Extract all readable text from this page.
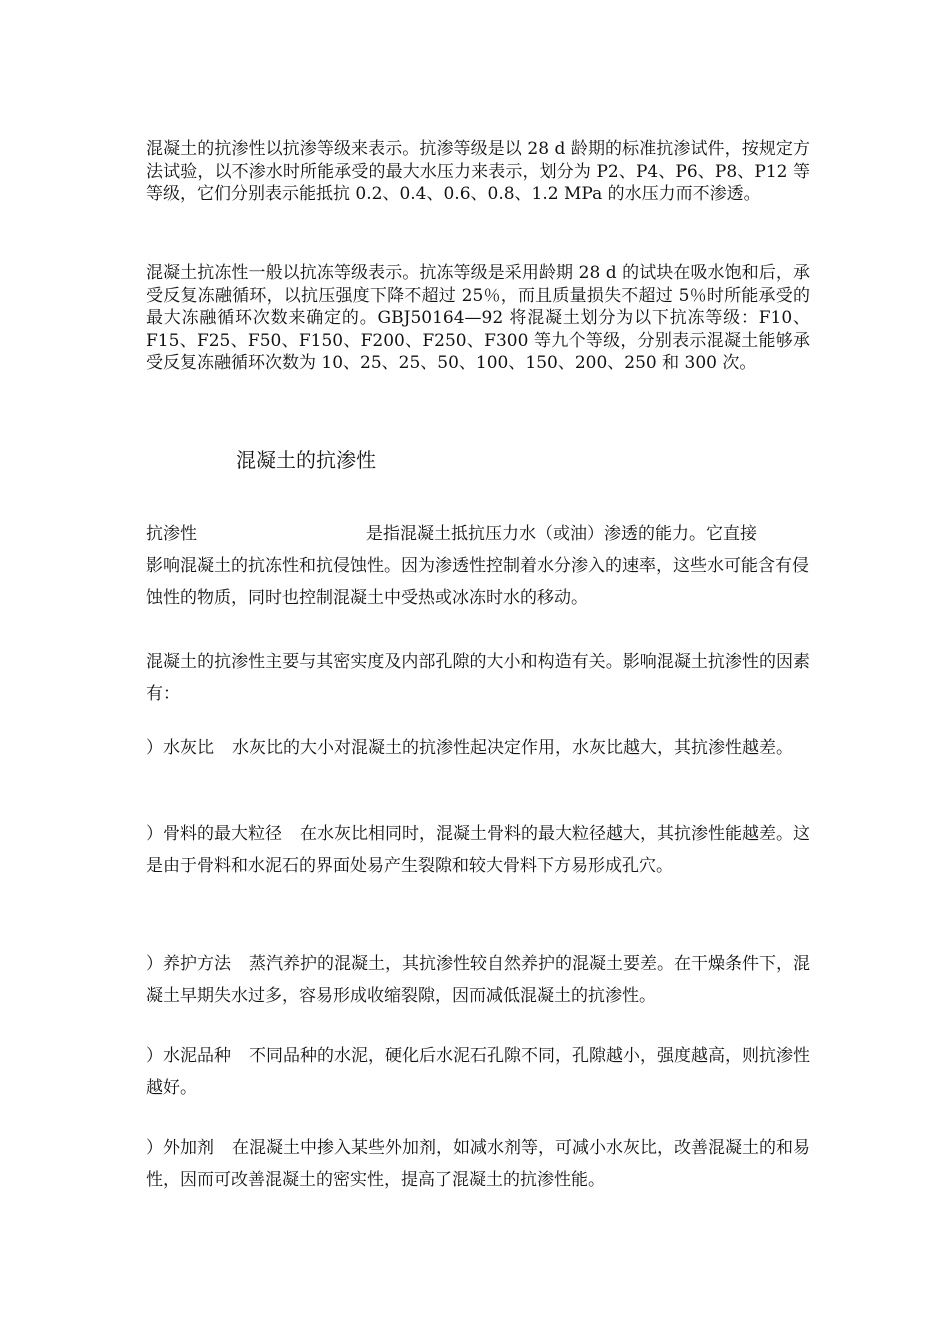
混凝土的抗渗性以抗渗等级来表示。抗渗等级是以 28 d 龄期的标准抗渗试件，按规定方法试验，以不渗水时所能承受的最大水压力来表示，划分为 P2、P4、P6、P8、P12 等等级，它们分别表示能抵抗 0.2、0.4、0.6、0.8、1.2 MPa 的水压力而不渗透。

混凝土抗冻性一般以抗冻等级表示。抗冻等级是采用龄期 28 d 的试块在吸水饱和后，承受反复冻融循环，以抗压强度下降不超过 25％，而且质量损失不超过 5％时所能承受的最大冻融循环次数来确定的。GBJ50164—92 将混凝土划分为以下抗冻等级：F10、F15、F25、F50、F150、F200、F250、F300 等九个等级，分别表示混凝土能够承受反复冻融循环次数为 10、25、25、50、100、150、200、250 和 300 次。

混凝土的抗渗性

抗渗性	是指混凝土抵抗压力水（或油）渗透的能力。它直接
影响混凝土的抗冻性和抗侵蚀性。因为渗透性控制着水分渗入的速率，这些水可能含有侵蚀性的物质，同时也控制混凝土中受热或冰冻时水的移动。

混凝土的抗渗性主要与其密实度及内部孔隙的大小和构造有关。影响混凝土抗渗性的因素有：

）水灰比 水灰比的大小对混凝土的抗渗性起决定作用，水灰比越大，其抗渗性越差。

）骨料的最大粒径 在水灰比相同时，混凝土骨料的最大粒径越大，其抗渗性能越差。这是由于骨料和水泥石的界面处易产生裂隙和较大骨料下方易形成孔穴。

）养护方法 蒸汽养护的混凝土，其抗渗性较自然养护的混凝土要差。在干燥条件下，混凝土早期失水过多，容易形成收缩裂隙，因而减低混凝土的抗渗性。

）水泥品种 不同品种的水泥，硬化后水泥石孔隙不同，孔隙越小，强度越高，则抗渗性越好。

）外加剂 在混凝土中掺入某些外加剂，如减水剂等，可减小水灰比，改善混凝土的和易性，因而可改善混凝土的密实性，提高了混凝土的抗渗性能。
